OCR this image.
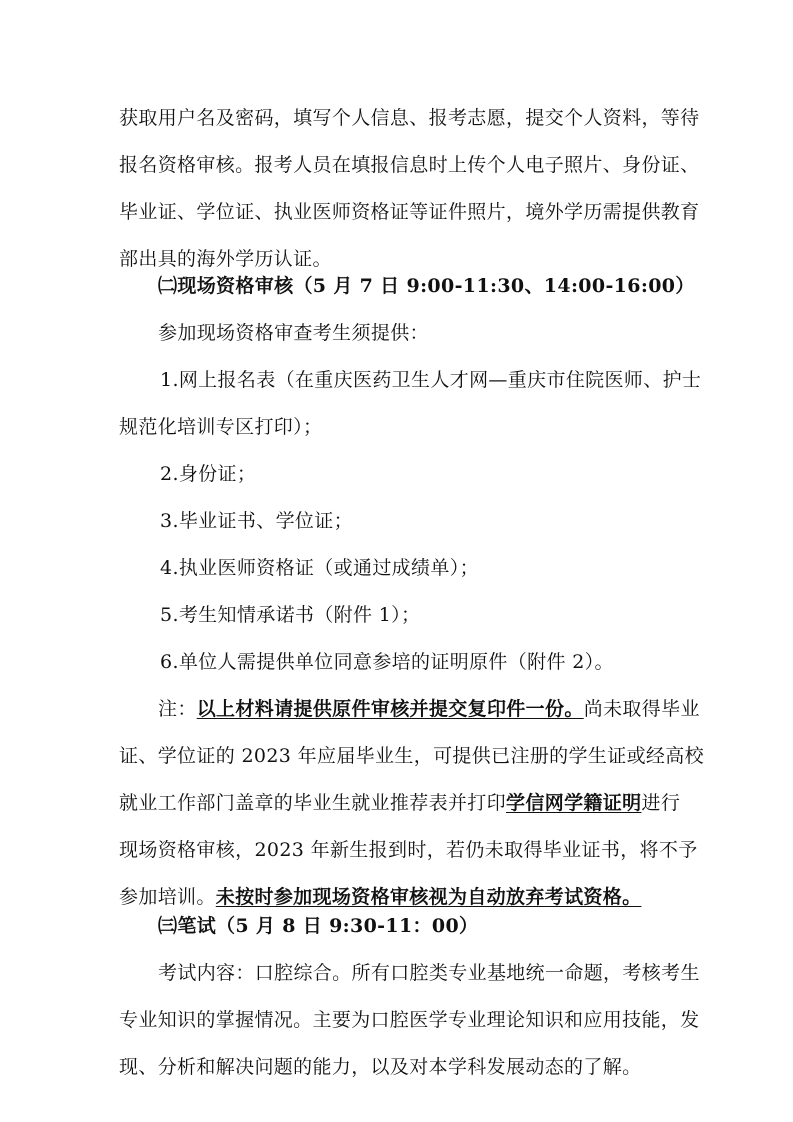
获取用户名及密码，填写个人信息、报考志愿，提交个人资料，等待
报名资格审核。报考人员在填报信息时上传个人电子照片、身份证、
毕业证、学位证、执业医师资格证等证件照片，境外学历需提供教育
部出具的海外学历认证。
㈡现场资格审核（5 月 7 日 9:00-11:30、14:00-16:00）
参加现场资格审查考生须提供：
1.网上报名表（在重庆医药卫生人才网—重庆市住院医师、护士
规范化培训专区打印）；
2.身份证；
3.毕业证书、学位证；
4.执业医师资格证（或通过成绩单）；
5.考生知情承诺书（附件 1）；
6.单位人需提供单位同意参培的证明原件（附件 2）。
注：以上材料请提供原件审核并提交复印件一份。尚未取得毕业
证、学位证的 2023 年应届毕业生，可提供已注册的学生证或经高校
就业工作部门盖章的毕业生就业推荐表并打印学信网学籍证明进行
现场资格审核，2023 年新生报到时，若仍未取得毕业证书，将不予
参加培训。未按时参加现场资格审核视为自动放弃考试资格。
㈢笔试（5 月 8 日 9:30-11：00）
考试内容：口腔综合。所有口腔类专业基地统一命题，考核考生
专业知识的掌握情况。主要为口腔医学专业理论知识和应用技能，发
现、分析和解决问题的能力，以及对本学科发展动态的了解。
